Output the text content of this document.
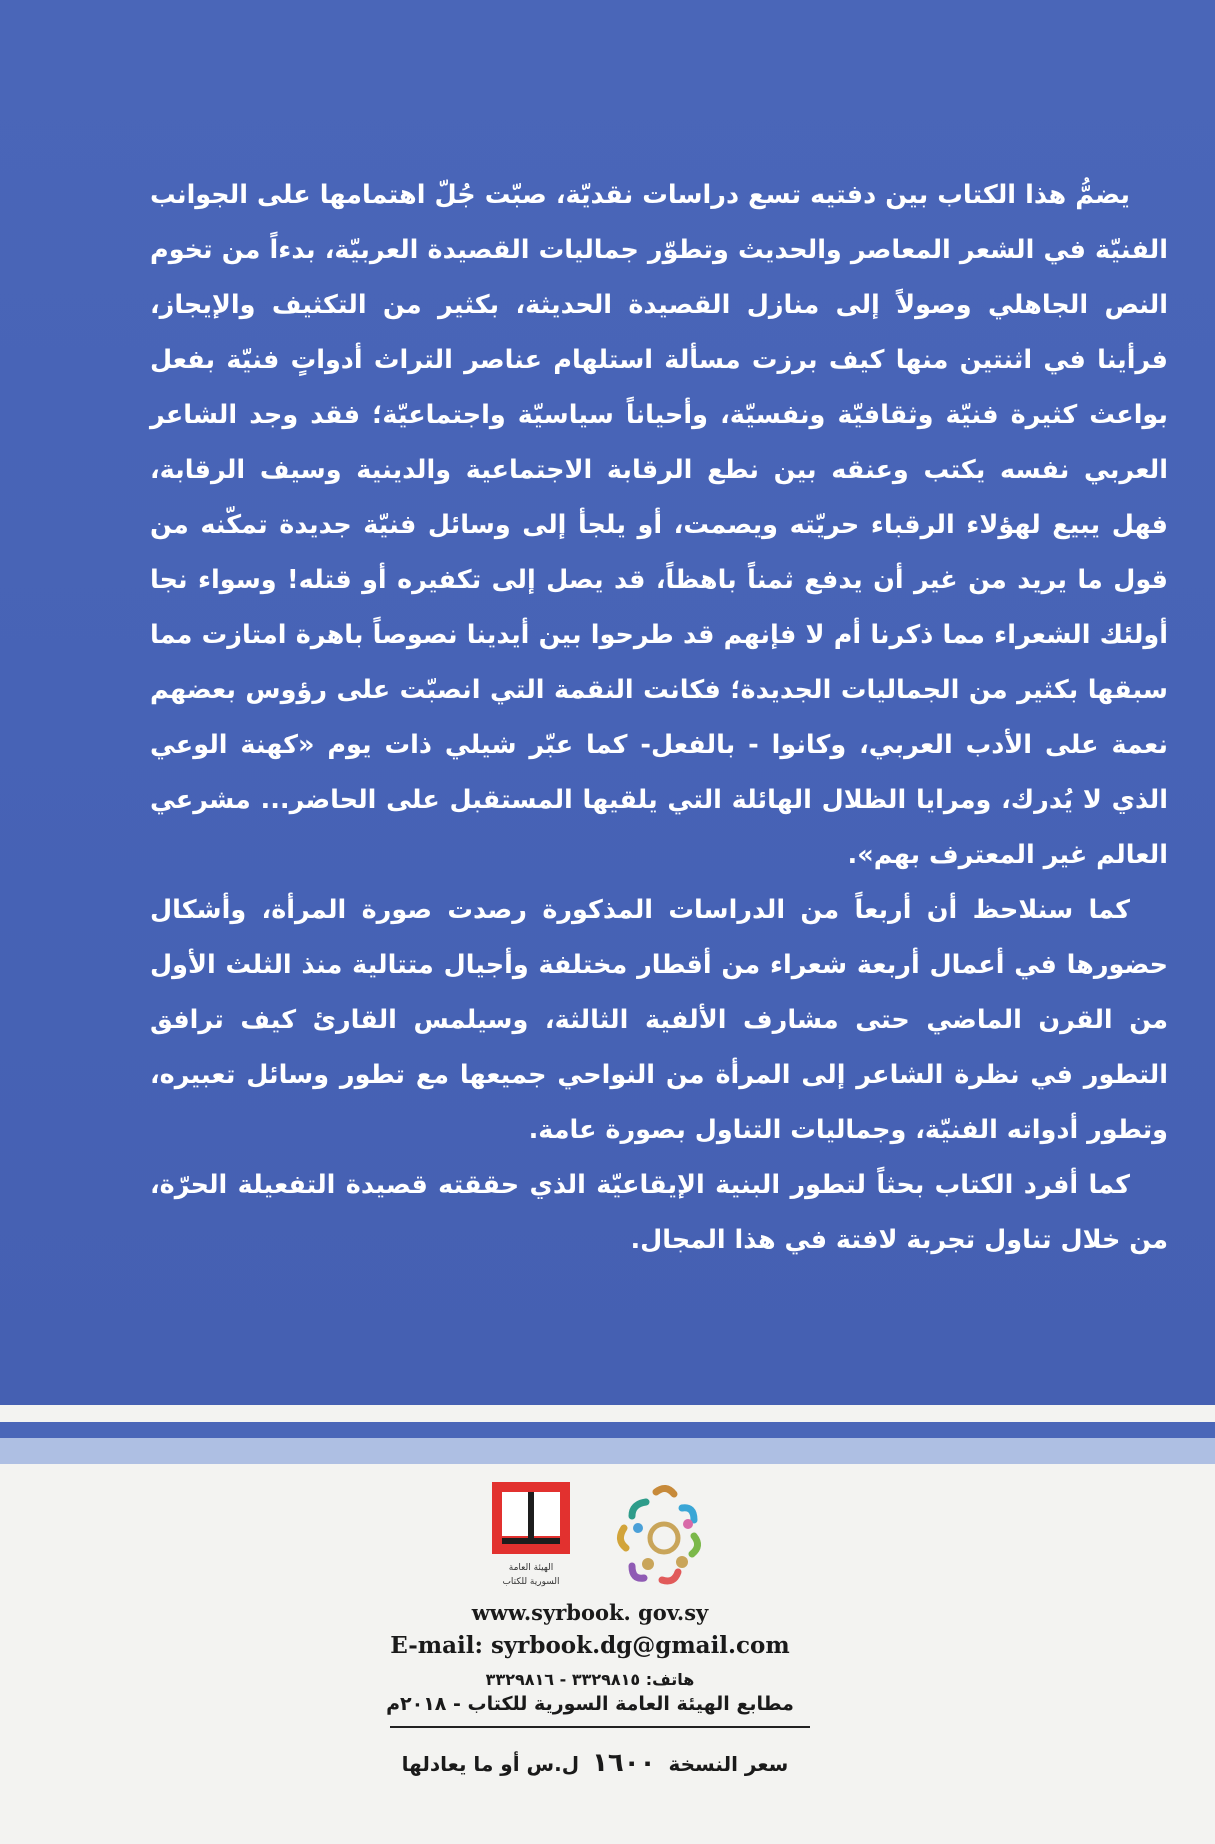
يضمُّ هذا الكتاب بين دفتيه تسع دراسات نقديّة، صبّت جُلّ اهتمامها على الجوانب الفنيّة في الشعر المعاصر والحديث وتطوّر جماليات القصيدة العربيّة، بدءاً من تخوم النص الجاهلي وصولاً إلى منازل القصيدة الحديثة، بكثير من التكثيف والإيجاز، فرأينا في اثنتين منها كيف برزت مسألة استلهام عناصر التراث أدواتٍ فنيّة بفعل بواعث كثيرة فنيّة وثقافيّة ونفسيّة، وأحياناً سياسيّة واجتماعيّة؛ فقد وجد الشاعر العربي نفسه يكتب وعنقه بين نطع الرقابة الاجتماعية والدينية وسيف الرقابة، فهل يبيع لهؤلاء الرقباء حريّته ويصمت، أو يلجأ إلى وسائل فنيّة جديدة تمكّنه من قول ما يريد من غير أن يدفع ثمناً باهظاً، قد يصل إلى تكفيره أو قتله! وسواء نجا أولئك الشعراء مما ذكرنا أم لا فإنهم قد طرحوا بين أيدينا نصوصاً باهرة امتازت مما سبقها بكثير من الجماليات الجديدة؛ فكانت النقمة التي انصبّت على رؤوس بعضهم نعمة على الأدب العربي، وكانوا - بالفعل- كما عبّر شيلي ذات يوم «كهنة الوعي الذي لا يُدرك، ومرايا الظلال الهائلة التي يلقيها المستقبل على الحاضر... مشرعي العالم غير المعترف بهم».

كما سنلاحظ أن أربعاً من الدراسات المذكورة رصدت صورة المرأة، وأشكال حضورها في أعمال أربعة شعراء من أقطار مختلفة وأجيال متتالية منذ الثلث الأول من القرن الماضي حتى مشارف الألفية الثالثة، وسيلمس القارئ كيف ترافق التطور في نظرة الشاعر إلى المرأة من النواحي جميعها مع تطور وسائل تعبيره، وتطور أدواته الفنيّة، وجماليات التناول بصورة عامة.

كما أفرد الكتاب بحثاً لتطور البنية الإيقاعيّة الذي حققته قصيدة التفعيلة الحرّة، من خلال تناول تجربة لافتة في هذا المجال.

الهيئة العامة
السورية للكتاب
www.syrbook. gov.sy
E-mail: syrbook.dg@gmail.com
هاتف: ٣٣٢٩٨١٥ - ٣٣٢٩٨١٦
مطابع الهيئة العامة السورية للكتاب - ٢٠١٨م
سعر النسخة ١٦٠٠ ل.س أو ما يعادلها
